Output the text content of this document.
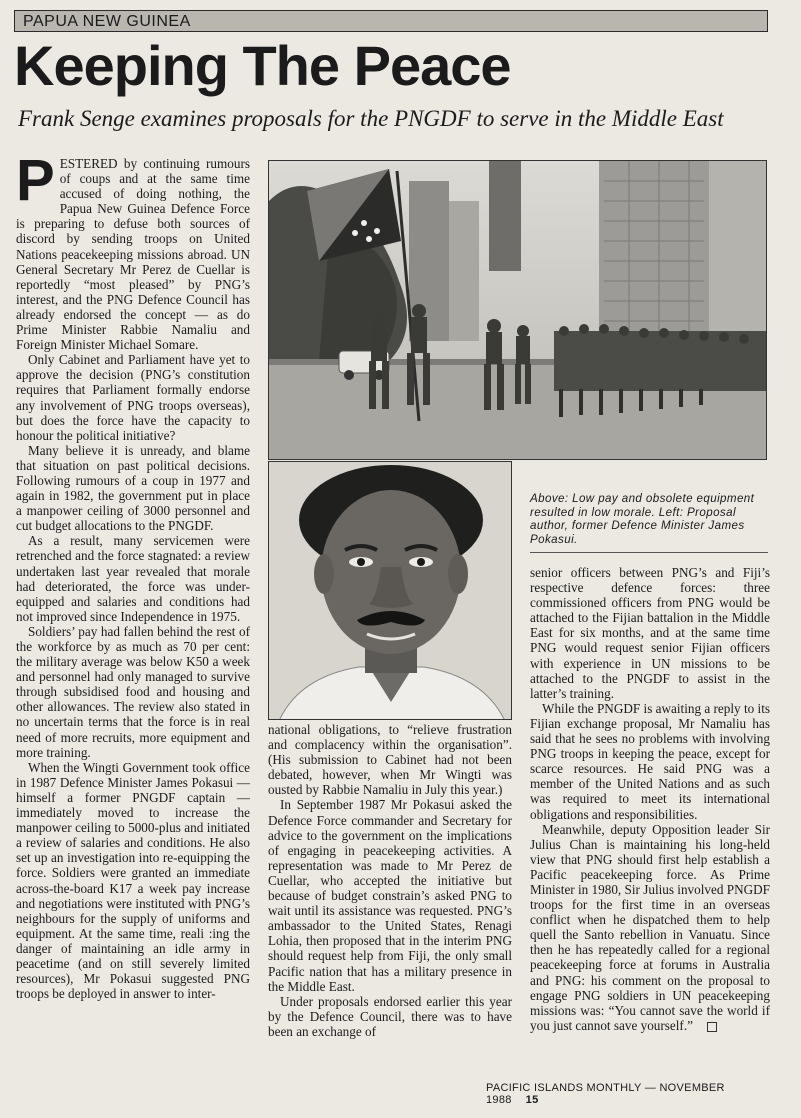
PAPUA NEW GUINEA
Keeping The Peace
Frank Senge examines proposals for the PNGDF to serve in the Middle East

PESTERED by continuing rumours of coups and at the same time accused of doing nothing, the Papua New Guinea Defence Force is preparing to defuse both sources of discord by sending troops on United Nations peacekeeping missions abroad. UN General Secretary Mr Perez de Cuellar is reportedly “most pleased” by PNG’s interest, and the PNG Defence Council has already endorsed the concept — as do Prime Minister Rabbie Namaliu and Foreign Minister Michael Somare.

Only Cabinet and Parliament have yet to approve the decision (PNG’s constitution requires that Parliament formally endorse any involvement of PNG troops overseas), but does the force have the capacity to honour the political initiative?

Many believe it is unready, and blame that situation on past political decisions. Following rumours of a coup in 1977 and again in 1982, the government put in place a manpower ceiling of 3000 personnel and cut budget allocations to the PNGDF.

As a result, many servicemen were retrenched and the force stagnated: a review undertaken last year revealed that morale had deteriorated, the force was under-equipped and salaries and conditions had not improved since Independence in 1975.

Soldiers’ pay had fallen behind the rest of the workforce by as much as 70 per cent: the military average was below K50 a week and personnel had only managed to survive through subsidised food and housing and other allowances. The review also stated in no uncertain terms that the force is in real need of more recruits, more equipment and more training.

When the Wingti Government took office in 1987 Defence Minister James Pokasui — himself a former PNGDF captain — immediately moved to increase the manpower ceiling to 5000-plus and initiated a review of salaries and conditions. He also set up an investigation into re-equipping the force. Soldiers were granted an immediate across-the-board K17 a week pay increase and negotiations were instituted with PNG’s neighbours for the supply of uniforms and equipment. At the same time, reali :ing the danger of maintaining an idle army in peacetime (and on still severely limited resources), Mr Pokasui suggested PNG troops be deployed in answer to inter-

Above: Low pay and obsolete equipment resulted in low morale. Left: Proposal author, former Defence Minister James Pokasui.

national obligations, to “relieve frustration and complacency within the organisation”. (His submission to Cabinet had not been debated, however, when Mr Wingti was ousted by Rabbie Namaliu in July this year.)

In September 1987 Mr Pokasui asked the Defence Force commander and Secretary for advice to the government on the implications of engaging in peacekeeping activities. A representation was made to Mr Perez de Cuellar, who accepted the initiative but because of budget constrain’s asked PNG to wait until its assistance was requested. PNG’s ambassador to the United States, Renagi Lohia, then proposed that in the interim PNG should request help from Fiji, the only small Pacific nation that has a military presence in the Middle East.

Under proposals endorsed earlier this year by the Defence Council, there was to have been an exchange of

senior officers between PNG’s and Fiji’s respective defence forces: three commissioned officers from PNG would be attached to the Fijian battalion in the Middle East for six months, and at the same time PNG would request senior Fijian officers with experience in UN missions to be attached to the PNGDF to assist in the latter’s training.

While the PNGDF is awaiting a reply to its Fijian exchange proposal, Mr Namaliu has said that he sees no problems with involving PNG troops in keeping the peace, except for scarce resources. He said PNG was a member of the United Nations and as such was required to meet its international obligations and responsibilities.

Meanwhile, deputy Opposition leader Sir Julius Chan is maintaining his long-held view that PNG should first help establish a Pacific peacekeeping force. As Prime Minister in 1980, Sir Julius involved PNGDF troops for the first time in an overseas conflict when he dispatched them to help quell the Santo rebellion in Vanuatu. Since then he has repeatedly called for a regional peacekeeping force at forums in Australia and PNG: his comment on the proposal to engage PNG soldiers in UN peacekeeping missions was: “You cannot save the world if you just cannot save yourself.”

PACIFIC ISLANDS MONTHLY — NOVEMBER 1988 15
